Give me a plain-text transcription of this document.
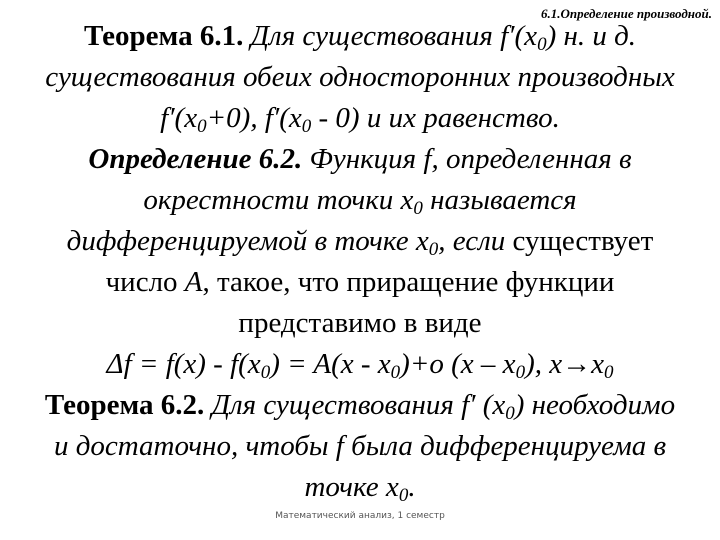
6.1.Определение производной.
Теорема 6.1. Для существования $f'(x_0)$ н. и д.
существования обеих односторонних производных
$f'(x_0+0)$, $f'(x_0 - 0)$ и их равенство.
Определение 6.2. Функция f, определенная в
окрестности точки $x_0$ называется
дифференцируемой в точке $x_0$, если существует
число A, такое, что приращение функции
представимо в виде
$\Delta f = f(x) - f(x_0) = A(x - x_0)+o$ $(x - x_0)$, $x\to x_0$
Теорема 6.2. Для существования f′ $(x_0)$ необходимо
и достаточно, чтобы f была дифференцируема в
точке $x_0$.
Математический анализ, 1 семестр
